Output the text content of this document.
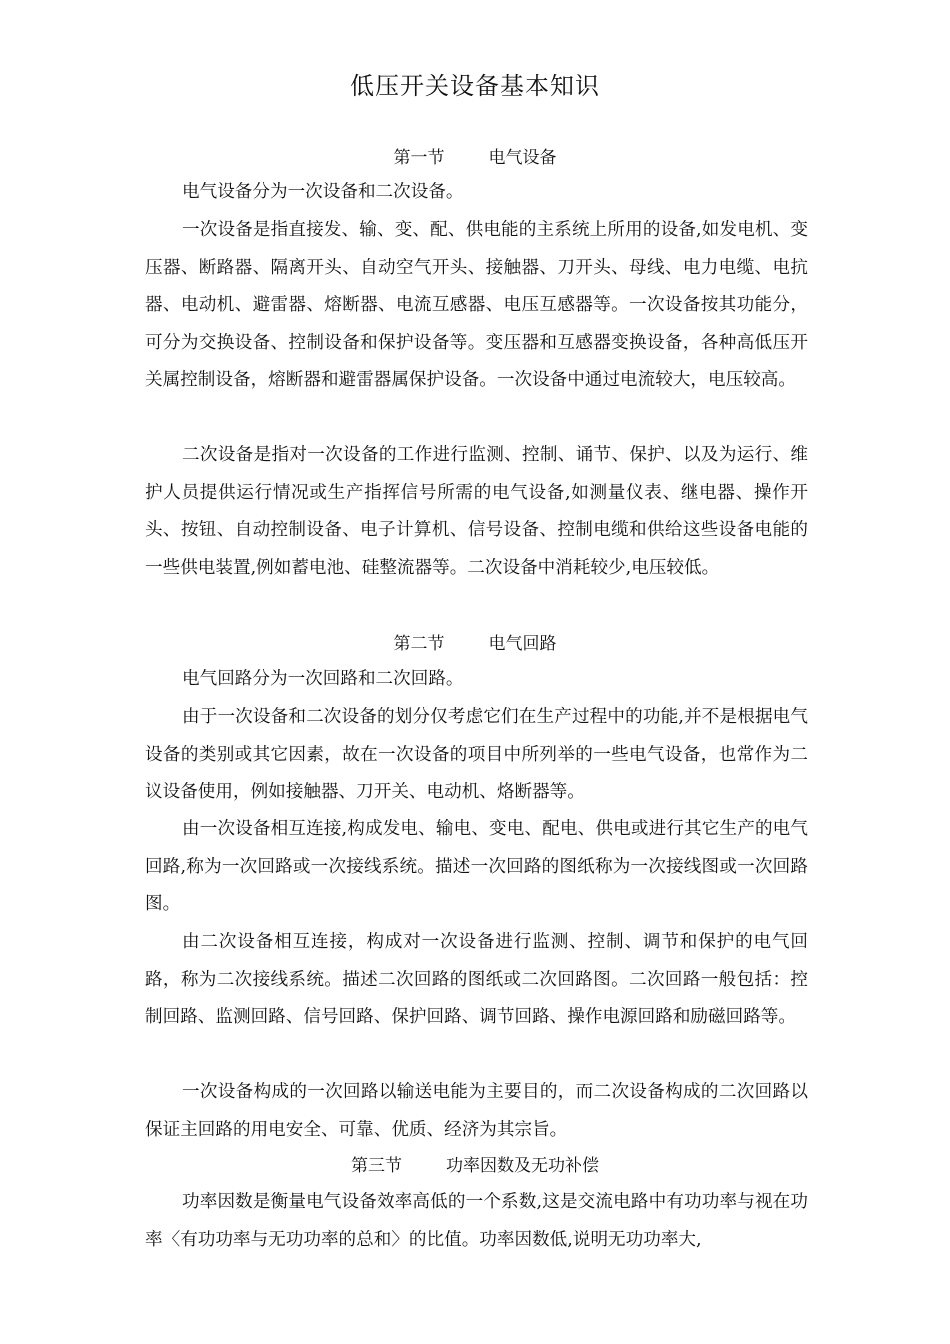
低压开关设备基本知识
第一节	电气设备
电气设备分为一次设备和二次设备。
一次设备是指直接发、输、变、配、供电能的主系统上所用的设备,如发电机、变压器、断路器、隔离开头、自动空气开头、接触器、刀开头、母线、电力电缆、电抗器、电动机、避雷器、熔断器、电流互感器、电压互感器等。一次设备按其功能分，可分为交换设备、控制设备和保护设备等。变压器和互感器变换设备，各种高低压开关属控制设备，熔断器和避雷器属保护设备。一次设备中通过电流较大，电压较高。
二次设备是指对一次设备的工作进行监测、控制、诵节、保护、以及为运行、维护人员提供运行情况或生产指挥信号所需的电气设备,如测量仪表、继电器、操作开头、按钮、自动控制设备、电子计算机、信号设备、控制电缆和供给这些设备电能的一些供电装置,例如蓄电池、硅整流器等。二次设备中消耗较少,电压较低。
第二节	电气回路
电气回路分为一次回路和二次回路。
由于一次设备和二次设备的划分仅考虑它们在生产过程中的功能,并不是根据电气设备的类别或其它因素，故在一次设备的项目中所列举的一些电气设备，也常作为二议设备使用，例如接触器、刀开关、电动机、烙断器等。
由一次设备相互连接,构成发电、输电、变电、配电、供电或进行其它生产的电气回路,称为一次回路或一次接线系统。描述一次回路的图纸称为一次接线图或一次回路图。
由二次设备相互连接，构成对一次设备进行监测、控制、调节和保护的电气回路，称为二次接线系统。描述二次回路的图纸或二次回路图。二次回路一般包括：控制回路、监测回路、信号回路、保护回路、调节回路、操作电源回路和励磁回路等。
一次设备构成的一次回路以输送电能为主要目的，而二次设备构成的二次回路以保证主回路的用电安全、可靠、优质、经济为其宗旨。
第三节	功率因数及无功补偿
功率因数是衡量电气设备效率高低的一个系数,这是交流电路中有功功率与视在功率〈有功功率与无功功率的总和〉的比值。功率因数低,说明无功功率大,
